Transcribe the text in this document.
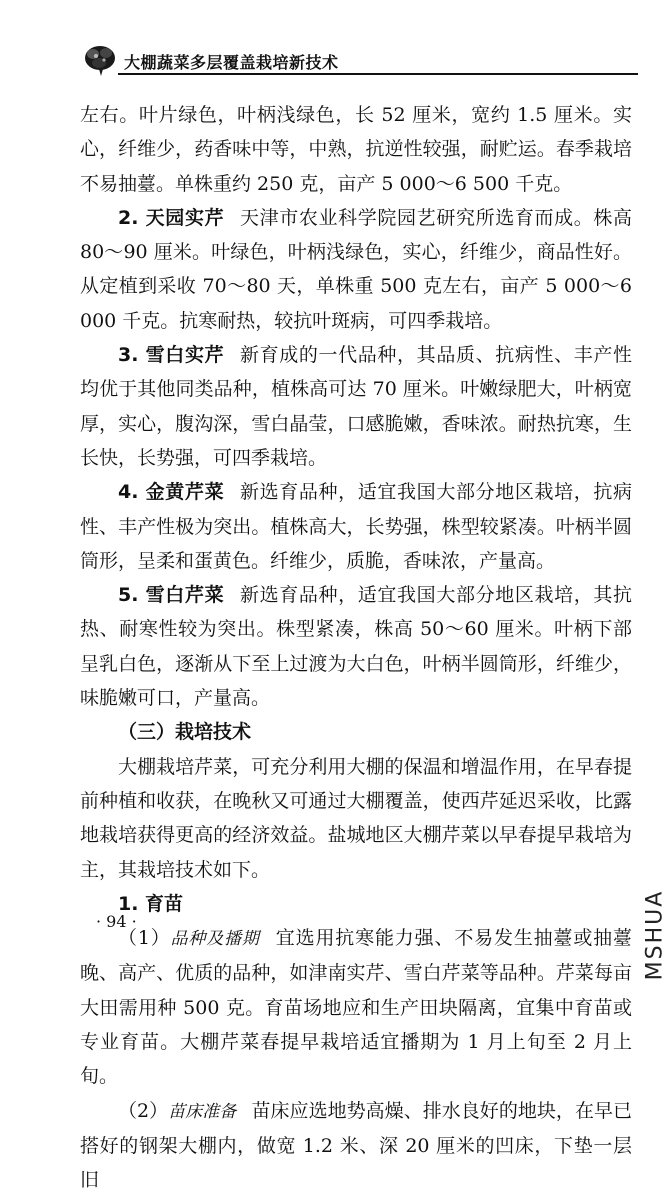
大棚蔬菜多层覆盖栽培新技术

左右。叶片绿色，叶柄浅绿色，长 52 厘米，宽约 1.5 厘米。实心，纤维少，药香味中等，中熟，抗逆性较强，耐贮运。春季栽培不易抽薹。单株重约 250 克，亩产 5 000～6 500 千克。

2. 天园实芹 天津市农业科学院园艺研究所选育而成。株高 80～90 厘米。叶绿色，叶柄浅绿色，实心，纤维少，商品性好。从定植到采收 70～80 天，单株重 500 克左右，亩产 5 000～6 000 千克。抗寒耐热，较抗叶斑病，可四季栽培。

3. 雪白实芹 新育成的一代品种，其品质、抗病性、丰产性均优于其他同类品种，植株高可达 70 厘米。叶嫩绿肥大，叶柄宽厚，实心，腹沟深，雪白晶莹，口感脆嫩，香味浓。耐热抗寒，生长快，长势强，可四季栽培。

4. 金黄芹菜 新选育品种，适宜我国大部分地区栽培，抗病性、丰产性极为突出。植株高大，长势强，株型较紧凑。叶柄半圆筒形，呈柔和蛋黄色。纤维少，质脆，香味浓，产量高。

5. 雪白芹菜 新选育品种，适宜我国大部分地区栽培，其抗热、耐寒性较为突出。株型紧凑，株高 50～60 厘米。叶柄下部呈乳白色，逐渐从下至上过渡为大白色，叶柄半圆筒形，纤维少，味脆嫩可口，产量高。

（三）栽培技术

大棚栽培芹菜，可充分利用大棚的保温和增温作用，在早春提前种植和收获，在晚秋又可通过大棚覆盖，使西芹延迟采收，比露地栽培获得更高的经济效益。盐城地区大棚芹菜以早春提早栽培为主，其栽培技术如下。

1. 育苗

（1）品种及播期 宜选用抗寒能力强、不易发生抽薹或抽薹晚、高产、优质的品种，如津南实芹、雪白芹菜等品种。芹菜每亩大田需用种 500 克。育苗场地应和生产田块隔离，宜集中育苗或专业育苗。大棚芹菜春提早栽培适宜播期为 1 月上旬至 2 月上旬。

（2）苗床准备 苗床应选地势高燥、排水良好的地块，在早已搭好的钢架大棚内，做宽 1.2 米、深 20 厘米的凹床，下垫一层旧

· 94 ·	MSHUA
